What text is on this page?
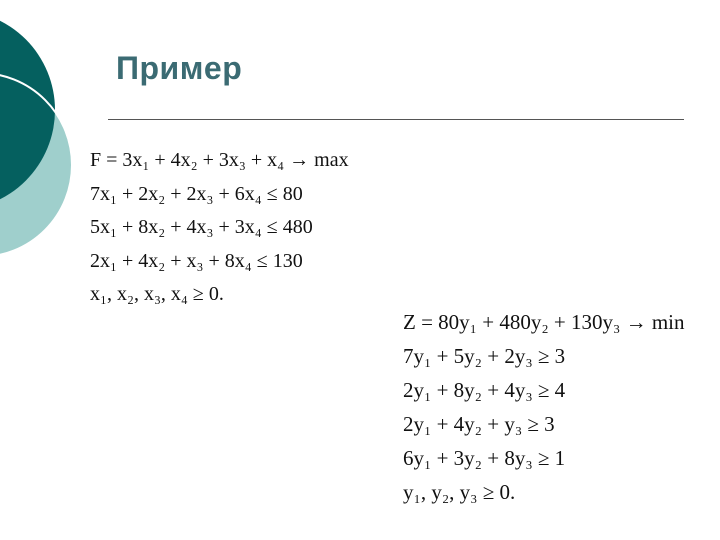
Пример
F = 3x₁ + 4x₂ + 3x₃ + x₄ → max
7x₁ + 2x₂ + 2x₃ + 6x₄ ≤ 80
5x₁ + 8x₂ + 4x₃ + 3x₄ ≤ 480
2x₁ + 4x₂ + x₃ + 8x₄ ≤ 130
x₁, x₂, x₃, x₄ ≥ 0.
Z = 80y₁ + 480y₂ + 130y₃ → min
7y₁ + 5y₂ + 2y₃ ≥ 3
2y₁ + 8y₂ + 4y₃ ≥ 4
2y₁ + 4y₂ + y₃ ≥ 3
6y₁ + 3y₂ + 8y₃ ≥ 1
y₁, y₂, y₃ ≥ 0.
